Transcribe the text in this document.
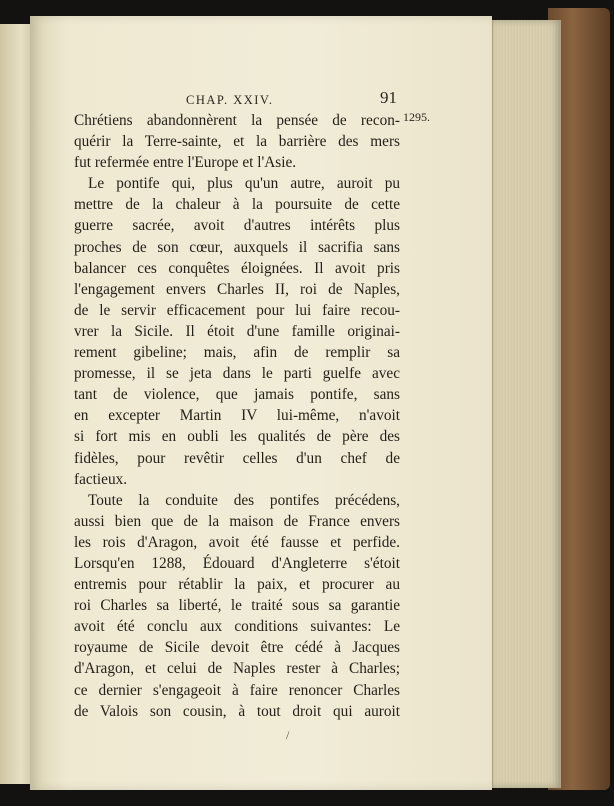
CHAP. XXIV.	91
1295.
Chrétiens abandonnèrent la pensée de recon-
quérir la Terre-sainte, et la barrière des mers
fut refermée entre l'Europe et l'Asie.
Le pontife qui, plus qu'un autre, auroit pu
mettre de la chaleur à la poursuite de cette
guerre sacrée, avoit d'autres intérêts plus
proches de son cœur, auxquels il sacrifia sans
balancer ces conquêtes éloignées. Il avoit pris
l'engagement envers Charles II, roi de Naples,
de le servir efficacement pour lui faire recou-
vrer la Sicile. Il étoit d'une famille originai-
rement gibeline; mais, afin de remplir sa
promesse, il se jeta dans le parti guelfe avec
tant de violence, que jamais pontife, sans
en excepter Martin IV lui-même, n'avoit
si fort mis en oubli les qualités de père des
fidèles, pour revêtir celles d'un chef de
factieux.
Toute la conduite des pontifes précédens,
aussi bien que de la maison de France envers
les rois d'Aragon, avoit été fausse et perfide.
Lorsqu'en 1288, Édouard d'Angleterre s'étoit
entremis pour rétablir la paix, et procurer au
roi Charles sa liberté, le traité sous sa garantie
avoit été conclu aux conditions suivantes: Le
royaume de Sicile devoit être cédé à Jacques
d'Aragon, et celui de Naples rester à Charles;
ce dernier s'engageoit à faire renoncer Charles
de Valois son cousin, à tout droit qui auroit
/
